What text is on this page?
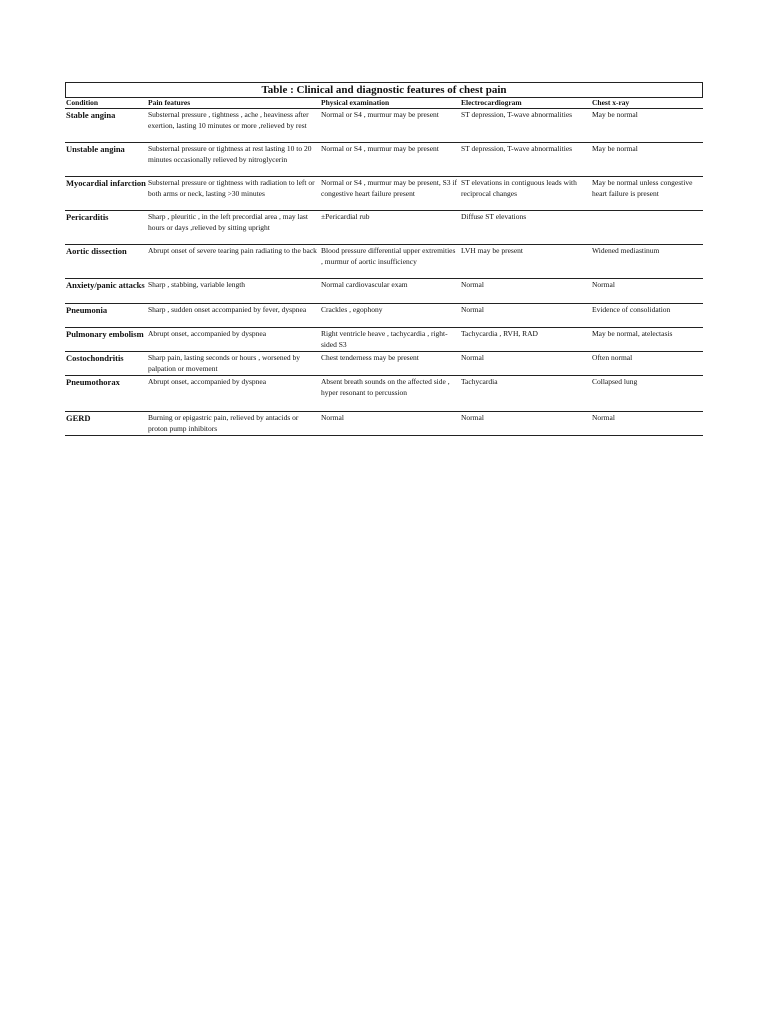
Table : Clinical and diagnostic features of chest pain
Condition	Pain features	Physical examination	Electrocardiogram	Chest x-ray
Stable angina	Substernal pressure , tightness , ache , heaviness after exertion, lasting 10 minutes or more ,relieved by rest	Normal or S4 , murmur may be present	ST depression, T-wave abnormalities	May be normal
Unstable angina	Substernal pressure or tightness at rest lasting 10 to 20 minutes occasionally relieved by nitroglycerin	Normal or S4 , murmur may be present	ST depression, T-wave abnormalities	May be normal
Myocardial infarction	Substernal pressure or tightness with radiation to left or both arms or neck, lasting >30 minutes	Normal or S4 , murmur may be present, S3 if congestive heart failure present	ST elevations in contiguous leads with reciprocal changes	May be normal unless congestive heart failure is present
Pericarditis	Sharp , pleuritic , in the left precordial area , may last hours or days ,relieved by sitting upright	±Pericardial rub	Diffuse ST elevations	
Aortic dissection	Abrupt onset of severe tearing pain radiating to the back	Blood pressure differential upper extremities , murmur of aortic insufficiency	LVH may be present	Widened mediastinum
Anxiety/panic attacks	Sharp , stabbing, variable length	Normal cardiovascular exam	Normal	Normal
Pneumonia	Sharp , sudden onset accompanied by fever, dyspnea	Crackles , egophony	Normal	Evidence of consolidation
Pulmonary embolism	Abrupt onset, accompanied by dyspnea	Right ventricle heave , tachycardia , right-sided S3	Tachycardia , RVH, RAD	May be normal, atelectasis
Costochondritis	Sharp pain, lasting seconds or hours , worsened by palpation or movement	Chest tenderness may be present	Normal	Often normal
Pneumothorax	Abrupt onset, accompanied by dyspnea	Absent breath sounds on the affected side , hyper resonant to percussion	Tachycardia	Collapsed lung
GERD	Burning or epigastric pain, relieved by antacids or proton pump inhibitors	Normal	Normal	Normal
